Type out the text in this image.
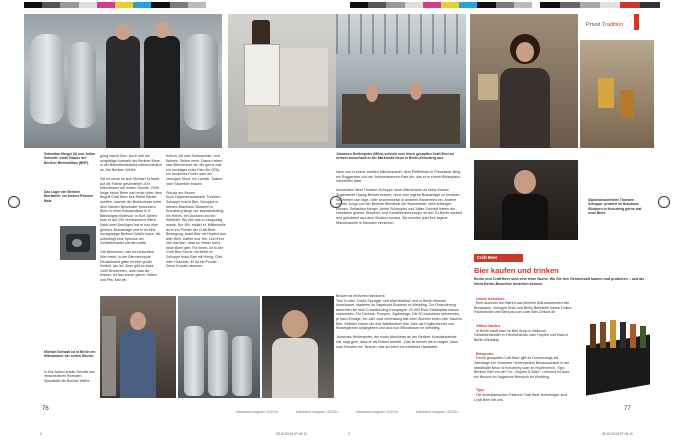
Privat Tradition
Sebastian Mergel (li) und Julian Schmidt: echte Brauer der Berliner Biertradition (BBF).
Das Lager der Berliner Bierfabrik: ein kleines Pilsener Malz.
gung macht Sinn. Auch weil die sorgfältige Auswahl der Berliner Biere in der Beliebtheitsskala unterschiedlich ist. Die Berliner Weiße.

Die es reizte es sich Michael Schwab auf die Fahne geschrieben. Ein Mikrobrauer der ersten Stunde. 2005, lange bevor Biere wie heute unter dem Begriff Craft Beer ihre Reihe Käufer wurden, machte der Braumeister unter dem Namen Brewbaker besondere Biere in einer Brauschänke in S-Bahnbögen Bellevue. In fünf Jahren kam er auf 100 verschiedene Biere. Nach zwei Umzügen hat er nun eine größere Brauanlage und er ist eine hochgradige Berliner Weiße braut, die unbedingt eine Sprosse am Getränkemarkt werden sollte.

140 Biersorten, das ist erstaunlich. Wer meint, in der Biermetropole Deutschland gäbe es eine große Vielfalt, der irrt: Zwar gibt es etwa 1400 Brauereien, doch was sie brauen, ist fast immer gleich: Helles und Pils. Mal ein
Kölsch, Alt oder Schwarzbier. Und Weizen. Selten mehr. Davon heben sich Mikrobrauer ab, die gerne mal ein fruchtiges India Pale Ale (IPA), ein trockenes Porter oder ein cremiges Stout, ein Lambic, Saison oder Sauerbier brauen.

Freude am Neuen
Auch Diplombraumeister Thorsten Schoppe macht Bier, Schoppe in seinem Brauhaus Südstern in Kreuzberg lange nur standardmäßig ein Helles, ein Dunkles und ein Weißbier. Bis ihm das zu langweilig wurde. Nur 8%, erklärt er. Mittlerweile ist er ein Pionier der Craft-Beer-Bewegung, braut Bier mit Hopfen aus aller Welt, Kaffee und Tee. Und freut sich darüber, dass es immer mehr neue Biere gibt. Für einen, ist in der Craft Bier-Szene, berichtet er: Schoppe braut Bier mit Honig, Chili oder Holunder. Er ist ein Pionier. Seine Kunden staunen.
Johannes Heidenpeter (Mitte) schenkt sein frisch gezapftes Craft Beer an seinem Ausschank in der Markthalle Neun in Berlin-Kreuzberg aus.
stern und in seiner zweiten Mikrobrauerei, dem Pfefferbräu in Prenzlauer Berg, ein Roggenbier und ein Johannisbeeren-Pale Ale, das er in einem Whiskyfass nachreifen lässt.

Ausserdem lässt Thorsten Schoppe neue Mikrobrauer an seine Kessel. Sogenannte Gypsy-Brewer brauen, ohne eine eigene Brauanlage zu besitzen. Sie mieten sich tage- oder wochenweise in anderen Brauereien ein. Andere wie die Jungs von der Berliner Bierfabrik der Braumeister nicht anfangen können. Sebastian Mergel, André Schleypen und Julian Schmidt haben die Handwerk gelernt. Brauerei- und Getränketechnologie an der TU Berlin studiert und gründeten aus dem Studium heraus. Sie konnten jetzt ihre eigene Mikrobrauerei in Marzahn einrichten.
Diplombraumeister Thorsten Schoppe: probiert im Brauhaus Südstern in Kreuzberg gerne mal neue Biere.
Craft Beer
Bier kaufen und trinken
Berlin und Craft Beer sind eine feine Sache. Wo Sie den Gerstensaft kaufen und probieren – und als Nicht-Berlin-Besucher bestellen können.

Online bestellen.
Eine Auswahl von Bieren aus Berliner Mikrobrauereien wie Brewbaker, Schoppe Bräu und Berlin Bierfabrik bieten Online-Fachhändler wie Bierpost.com oder Bier-Deluxe.de.

Offline kaufen.
In Berlin kauft man im Bier Shop in Bellevue, Getränkehändler in Friedrichshain oder Hopfen und Malz in Berlin-Wedding.

Bierprobe.
Frisch gezapftes Craft Beer gibt es Donnerstags bis Samstags bei Johannes Heidenpeters Bierausschank in der Markthalle Neun in Kreuzberg oder im Hopfenreich. Tipp: Berliner Bier vor der Tür: „Hopfen & Malz“. Lohnend ist auch ein Besuch im Vagabund Brewpub im Wedding.

Tipp:
Die amerikanischen Trinkerei Craft Beer Kulturträger sind Craft Beer bei uns.

Michael Schwab ist in Berlin ein Mikrobrauer der ersten Stunde.
In fünf Jahren braute Schwab aus verschiedenen Rezepten. Spezialität: die Berliner Weiße.
Brauen ist ehrliches Handwerk
Tom Crozier, David Spengler und Matt Walthall, drei in Berlin lebende Amerikaner, starteten ihr Vagabund Brauerei im Wedding. Zur Finanzierung tauschten sie eine Crowdfunding-Kampagne: 20.000 Euro Startkapital kamen zusammen. Für Gerüste, Pumpen, Zapfanlage. Die 50 Investoren bekommen, je nach Einlage, ein Jahr oder lebenslang alle zwei Wochen einen Liter frisches Bier. Seitdem haben die drei Wahlberliner ihre Jobs als Englischlehrer und Kindergärtner aufgegeben und sind nun Mikrobrauer im Wedding.

Johannes Heidenpeter, der einen Abschluss an der Berliner Kunstakademie hat, sagt gern, dass er als Brauer arbeite. „Das ist besser als zu sagen, dass man Künstler ist.“ Brauen, das sei eben ein ehrliches Handwerk.
76	77
Handwerk magazin 10/2014	Handwerk magazin 10/2014	Handwerk magazin 10/2014	Handwerk magazin 10/2014
2	25.02.2014 07:04:11	3	25.02.2014 07:04:11
